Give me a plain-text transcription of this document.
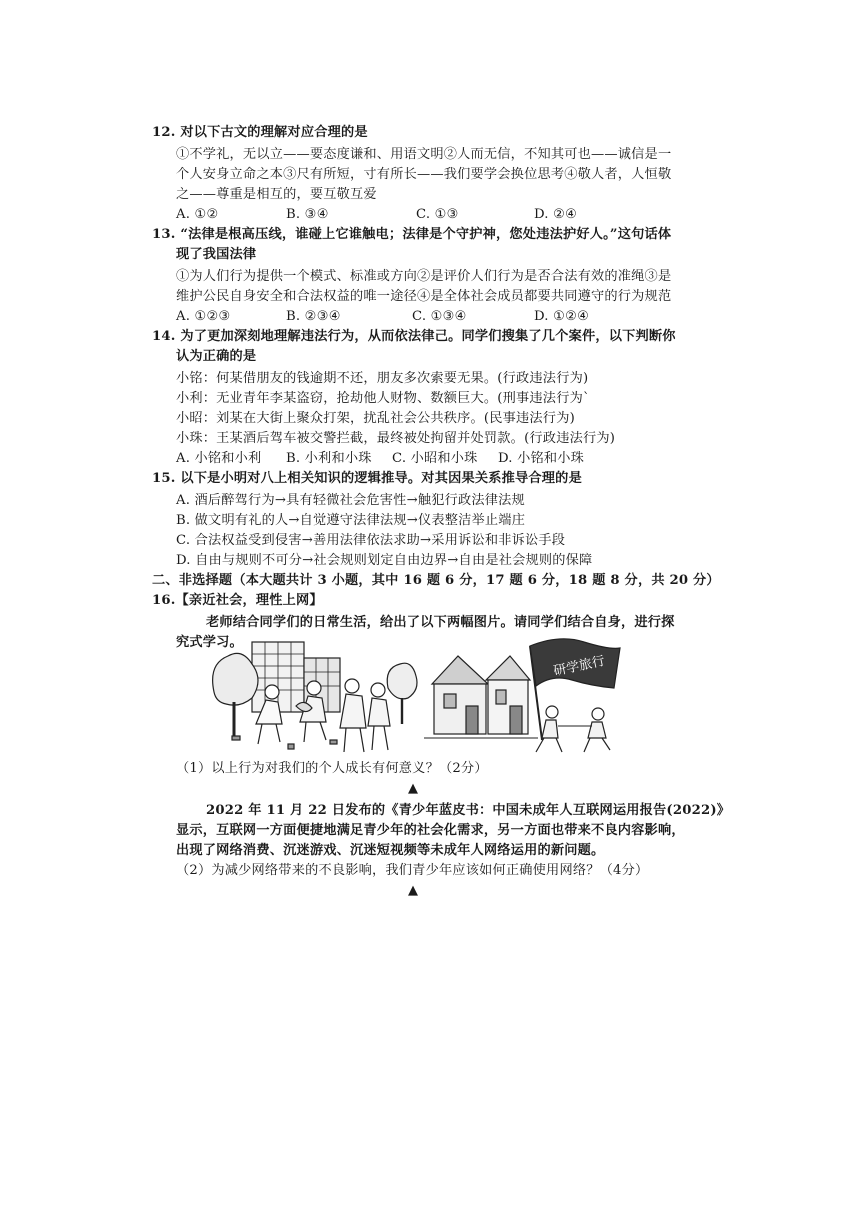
12. 对以下古文的理解对应合理的是
①不学礼，无以立——要态度谦和、用语文明②人而无信，不知其可也——诚信是一
个人安身立命之本③尺有所短，寸有所长——我们要学会换位思考④敬人者，人恒敬
之——尊重是相互的，要互敬互爱
A. ①②	B. ③④	C. ①③	D. ②④
13. “法律是根高压线，谁碰上它谁触电；法律是个守护神，您处违法护好人。”这句话体
现了我国法律
①为人们行为提供一个模式、标准或方向②是评价人们行为是否合法有效的准绳③是
维护公民自身安全和合法权益的唯一途径④是全体社会成员都要共同遵守的行为规范
A. ①②③	B. ②③④	C. ①③④	D. ①②④
14. 为了更加深刻地理解违法行为，从而依法律己。同学们搜集了几个案件，以下判断你
认为正确的是
小铭：何某借朋友的钱逾期不还，朋友多次索要无果。(行政违法行为)
小利：无业青年李某盗窃，抢劫他人财物、数额巨大。(刑事违法行为`
小昭：刘某在大街上聚众打架，扰乱社会公共秩序。(民事违法行为)
小珠：王某酒后驾车被交警拦截，最终被处拘留并处罚款。(行政违法行为)
A. 小铭和小利 B. 小利和小珠 C. 小昭和小珠 D. 小铭和小珠
15. 以下是小明对八上相关知识的逻辑推导。对其因果关系推导合理的是
A. 酒后醉驾行为→具有轻微社会危害性→触犯行政法律法规
B. 做文明有礼的人→自觉遵守法律法规→仪表整洁举止端庄
C. 合法权益受到侵害→善用法律依法求助→采用诉讼和非诉讼手段
D. 自由与规则不可分→社会规则划定自由边界→自由是社会规则的保障
二、非选择题（本大题共计 3 小题，其中 16 题 6 分，17 题 6 分，18 题 8 分，共 20 分）
16.【亲近社会，理性上网】
老师结合同学们的日常生活，给出了以下两幅图片。请同学们结合自身，进行探
究式学习。
研学旅行
（1）以上行为对我们的个人成长有何意义？（2分）
▲
2022 年 11 月 22 日发布的《青少年蓝皮书：中国未成年人互联网运用报告(2022)》
显示，互联网一方面便捷地满足青少年的社会化需求，另一方面也带来不良内容影响，
出现了网络消费、沉迷游戏、沉迷短视频等未成年人网络运用的新问题。
（2）为减少网络带来的不良影响，我们青少年应该如何正确使用网络？（4分）
▲
